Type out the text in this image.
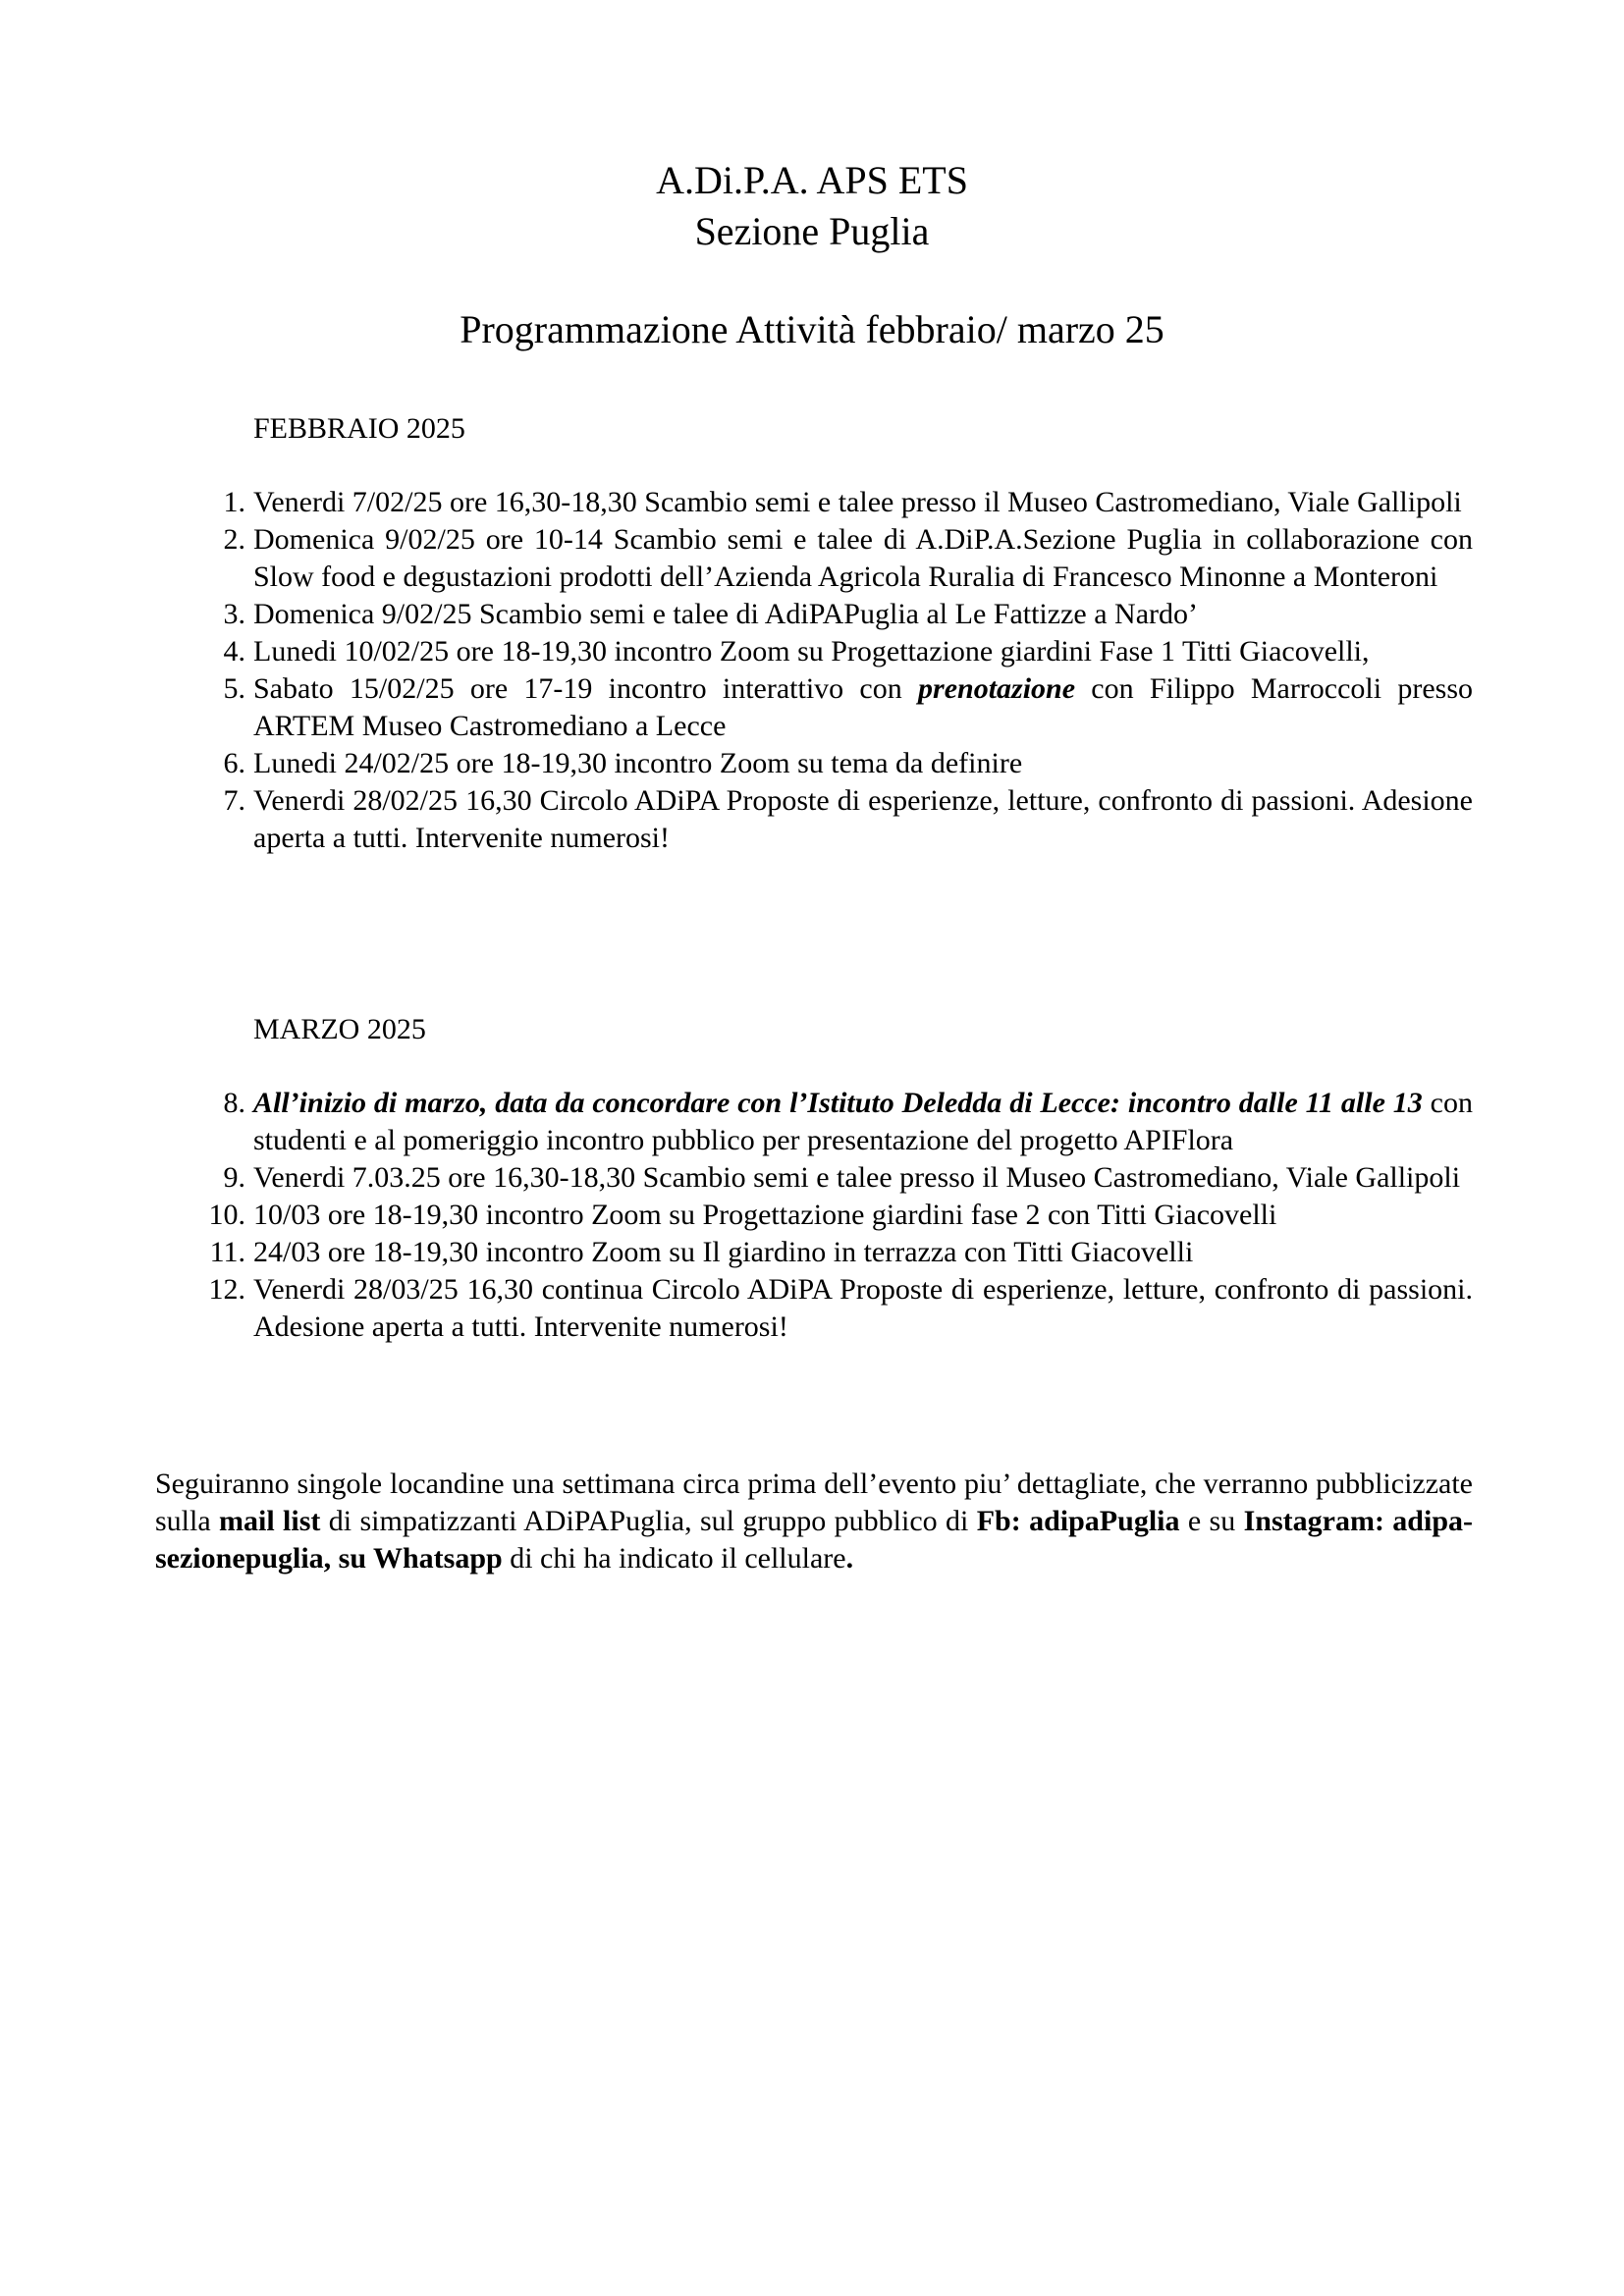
A.Di.P.A. APS ETS
Sezione Puglia
Programmazione Attività febbraio/ marzo 25
FEBBRAIO 2025
1. Venerdi 7/02/25 ore 16,30-18,30 Scambio semi e talee presso il Museo Castromediano, Viale Gallipoli
2. Domenica 9/02/25 ore 10-14 Scambio semi e talee di A.DiP.A.Sezione Puglia in collaborazione con Slow food e degustazioni prodotti dell’Azienda Agricola Ruralia di Francesco Minonne a Monteroni
3. Domenica 9/02/25 Scambio semi e talee di AdiPAPuglia al Le Fattizze a Nardo’
4. Lunedi 10/02/25 ore 18-19,30 incontro Zoom su Progettazione giardini Fase 1 Titti Giacovelli,
5. Sabato 15/02/25 ore 17-19 incontro interattivo con prenotazione con Filippo Marroccoli presso ARTEM Museo Castromediano a Lecce
6. Lunedi 24/02/25 ore 18-19,30 incontro Zoom su tema da definire
7. Venerdi 28/02/25 16,30 Circolo ADiPA Proposte di esperienze, letture, confronto di passioni. Adesione aperta a tutti. Intervenite numerosi!
MARZO 2025
8. All’inizio di marzo, data da concordare con l’Istituto Deledda di Lecce: incontro dalle 11 alle 13 con studenti e al pomeriggio incontro pubblico per presentazione del progetto APIFlora
9. Venerdi 7.03.25 ore 16,30-18,30 Scambio semi e talee presso il Museo Castromediano, Viale Gallipoli
10. 10/03 ore 18-19,30 incontro Zoom su Progettazione giardini fase 2 con Titti Giacovelli
11. 24/03 ore 18-19,30 incontro Zoom su Il giardino in terrazza con Titti Giacovelli
12. Venerdi 28/03/25 16,30 continua Circolo ADiPA Proposte di esperienze, letture, confronto di passioni. Adesione aperta a tutti. Intervenite numerosi!

Seguiranno singole locandine una settimana circa prima dell’evento piu’ dettagliate, che verranno pubblicizzate sulla mail list di simpatizzanti ADiPAPuglia, sul gruppo pubblico di Fb: adipaPuglia e su Instagram: adipa-sezionepuglia, su Whatsapp di chi ha indicato il cellulare.
